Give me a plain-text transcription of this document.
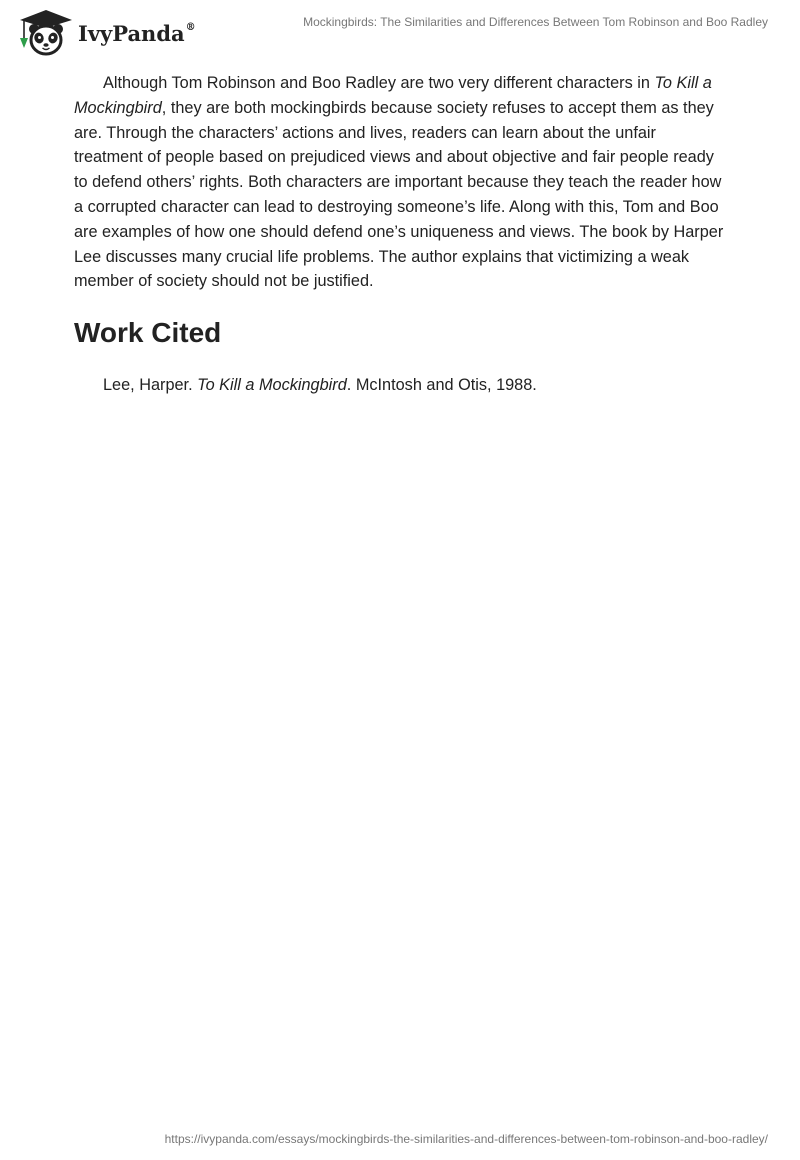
IvyPanda®	Mockingbirds: The Similarities and Differences Between Tom Robinson and Boo Radley

Although Tom Robinson and Boo Radley are two very different characters in To Kill a Mockingbird, they are both mockingbirds because society refuses to accept them as they are. Through the characters’ actions and lives, readers can learn about the unfair treatment of people based on prejudiced views and about objective and fair people ready to defend others’ rights. Both characters are important because they teach the reader how a corrupted character can lead to destroying someone’s life. Along with this, Tom and Boo are examples of how one should defend one’s uniqueness and views. The book by Harper Lee discusses many crucial life problems. The author explains that victimizing a weak member of society should not be justified.

Work Cited

Lee, Harper. To Kill a Mockingbird. McIntosh and Otis, 1988.

https://ivypanda.com/essays/mockingbirds-the-similarities-and-differences-between-tom-robinson-and-boo-radley/
